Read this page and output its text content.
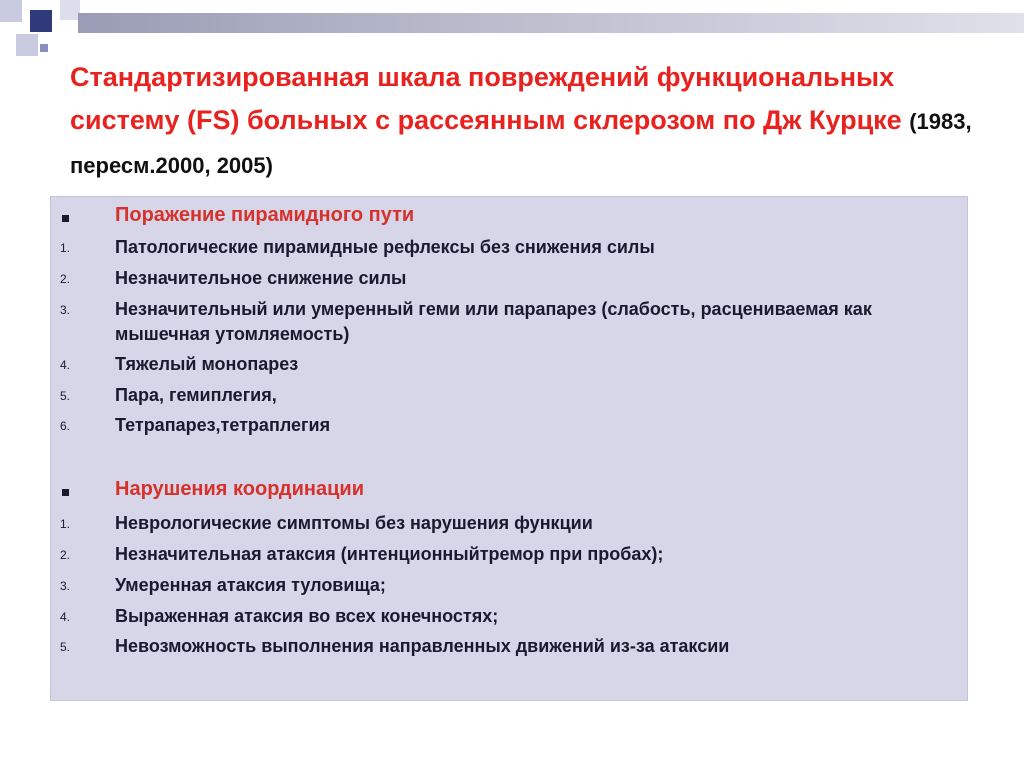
Стандартизированная шкала повреждений функциональных системy (FS) больных с рассеянным склерозом по Дж Курцке (1983, пересм.2000, 2005)
Поражение пирамидного пути
1. Патологические пирамидные рефлексы без снижения силы
2. Незначительное снижение силы
3. Незначительный или умеренный геми или парапарез (слабость, расцениваемая как мышечная утомляемость)
4. Тяжелый монопарез
5. Пара, гемиплегия,
6. Тетрапарез,тетраплегия
Нарушения координации
1. Неврологические симптомы без нарушения функции
2. Незначительная атаксия (интенционныйтремор при пробах);
3. Умеренная атаксия туловища;
4. Выраженная атаксия во всех конечностях;
5. Невозможность выполнения направленных движений из-за атаксии
